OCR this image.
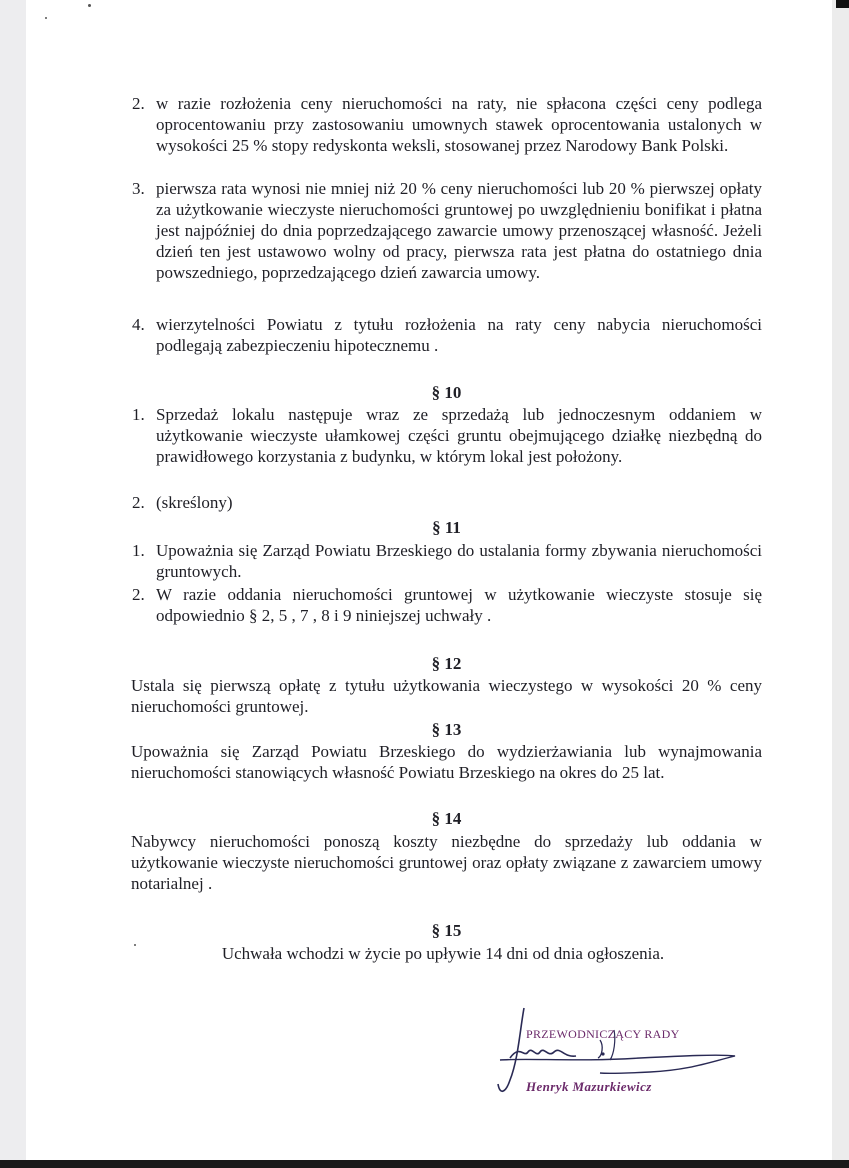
2. w razie rozłożenia ceny nieruchomości na raty, nie spłacona części ceny podlega oprocentowaniu przy zastosowaniu umownych stawek oprocentowania ustalonych w wysokości 25 % stopy redyskonta weksli, stosowanej przez Narodowy Bank Polski.
3. pierwsza rata wynosi nie mniej niż 20 % ceny nieruchomości lub 20 % pierwszej opłaty za użytkowanie wieczyste nieruchomości gruntowej po uwzględnieniu bonifikat i płatna jest najpóźniej do dnia poprzedzającego zawarcie umowy przenoszącej własność. Jeżeli dzień ten jest ustawowo wolny od pracy, pierwsza rata jest płatna do ostatniego dnia powszedniego, poprzedzającego dzień zawarcia umowy.
4. wierzytelności Powiatu z tytułu rozłożenia na raty ceny nabycia nieruchomości podlegają zabezpieczeniu hipotecznemu .
§ 10
1. Sprzedaż lokalu następuje wraz ze sprzedażą lub jednoczesnym oddaniem w użytkowanie wieczyste ułamkowej części gruntu obejmującego działkę niezbędną do prawidłowego korzystania z budynku, w którym lokal jest położony.
2. (skreślony)
§ 11
1. Upoważnia się Zarząd Powiatu Brzeskiego do ustalania formy zbywania nieruchomości gruntowych.
2. W razie oddania nieruchomości gruntowej w użytkowanie wieczyste stosuje się odpowiednio § 2, 5 , 7 , 8 i 9 niniejszej uchwały .
§ 12
Ustala się pierwszą opłatę z tytułu użytkowania wieczystego w wysokości 20 % ceny nieruchomości gruntowej.
§ 13
Upoważnia się Zarząd Powiatu Brzeskiego do wydzierżawiania lub wynajmowania nieruchomości stanowiących własność Powiatu Brzeskiego na okres do 25 lat.
§ 14
Nabywcy nieruchomości ponoszą koszty niezbędne do sprzedaży lub oddania w użytkowanie wieczyste nieruchomości gruntowej oraz opłaty związane z zawarciem umowy notarialnej .
§ 15
Uchwała wchodzi w życie po upływie 14 dni od dnia ogłoszenia.
PRZEWODNICZĄCY RADY
Henryk Mazurkiewicz
